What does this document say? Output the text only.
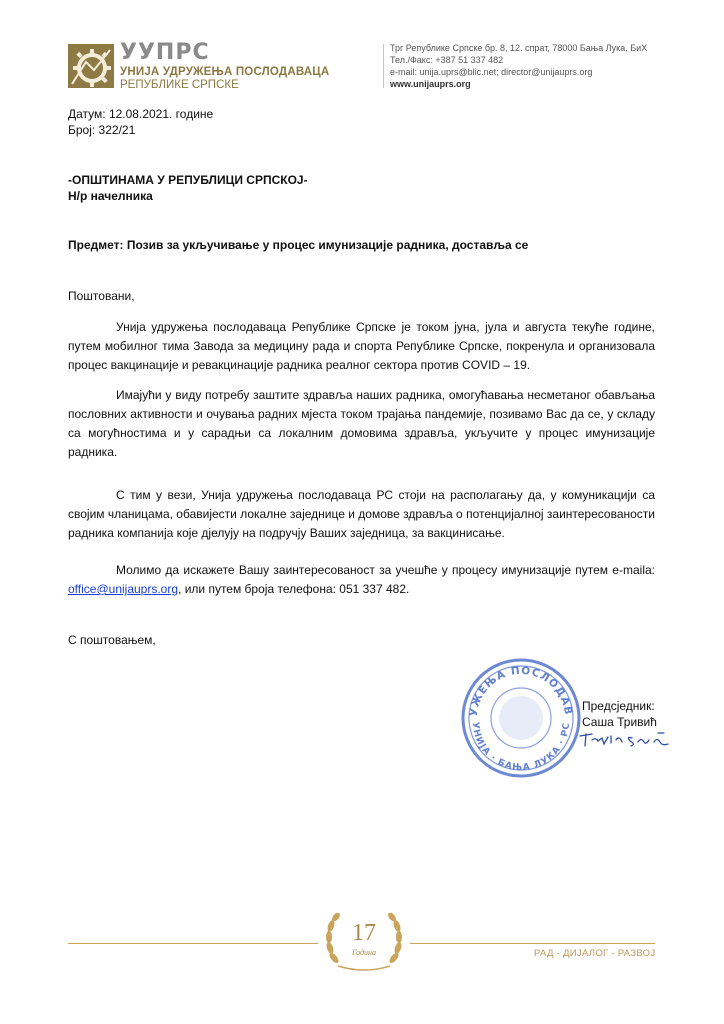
УУПРС
УНИЈА УДРУЖЕЊА ПОСЛОДАВАЦА
РЕПУБЛИКЕ СРПСКЕ
Трг Републике Српске бр. 8, 12. спрат, 78000 Бања Лука, БиХ
Тел./Факс: +387 51 337 482
e-mail: unija.uprs@blic.net; director@unijauprs.org
www.unijauprs.org
Датум: 12.08.2021. године
Број: 322/21
-ОПШТИНАМА У РЕПУБЛИЦИ СРПСКОЈ-
Н/р начелника
Предмет: Позив за укључивање у процес имунизације радника, доставља се
Поштовани,
Унија удружења послодаваца Републике Српске је током јуна, јула и августа текуће године, путем мобилног тима Завода за медицину рада и спорта Републике Српске, покренула и организовала процес вакцинације и ревакцинације радника реалног сектора против COVID – 19.
Имајући у виду потребу заштите здравља наших радника, омогућавања несметаног обављања пословних активности и очувања радних мјеста током трајања пандемије, позивамо Вас да се, у складу са могућностима и у сарадњи са локалним домовима здравља, укључите у процес имунизације радника.
С тим у вези, Унија удружења послодаваца РС стоји на располагању да, у комуникацији са својим чланицама, обавијести локалне заједнице и домове здравља о потенцијалној заинтересованости радника компанија које дјелују на подручју Ваших заједница, за вакцинисање.
Молимо да искажете Вашу заинтересованост за учешће у процесу имунизације путем e-maila: office@unijauprs.org, или путем броја телефона: 051 337 482.
С поштовањем,
УЖЕЊА ПОСЛОДАВ
УНИЈА · БАЊА ЛУКА · РС
Предсједник:
Саша Тривић
17
Година	РАД - ДИЈАЛОГ - РАЗВОЈ
